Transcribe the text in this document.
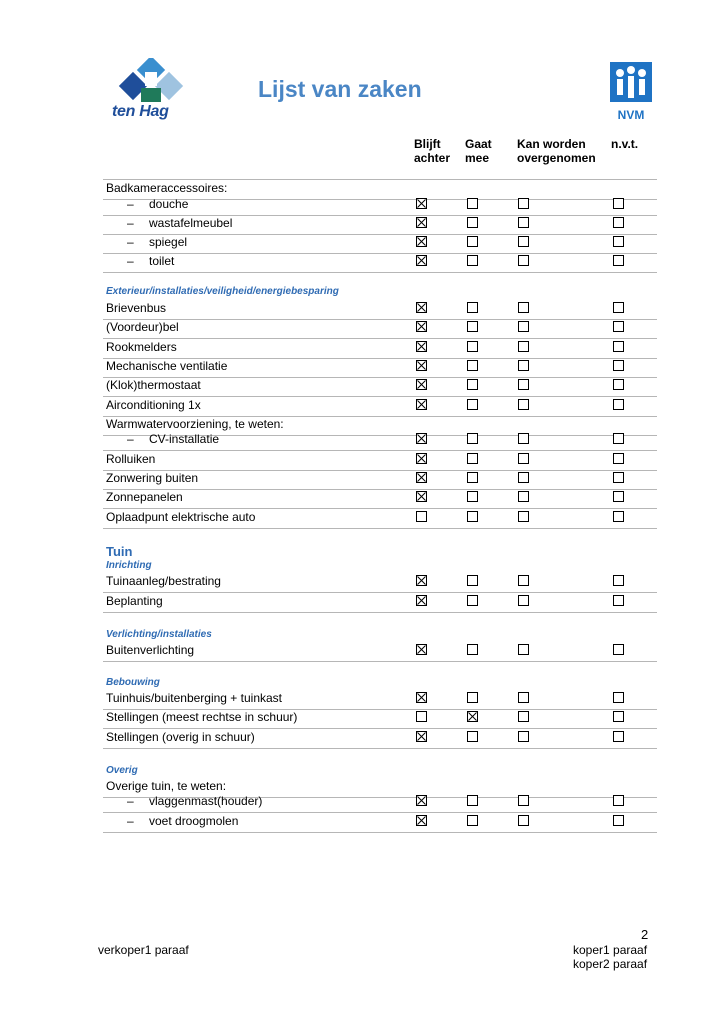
ten Hag
Lijst van zaken
NVM
Blijft
achter
Gaat
mee
Kan worden
overgenomen
n.v.t.
Exterieur/installaties/veiligheid/energiebesparing
Tuin
Inrichting
Verlichting/installaties
Bebouwing
Overig
Badkameraccessoires:
– douche
– wastafelmeubel
– spiegel
– toilet
Brievenbus
(Voordeur)bel
Rookmelders
Mechanische ventilatie
(Klok)thermostaat
Airconditioning 1x
Warmwatervoorziening, te weten:
– CV-installatie
Rolluiken
Zonwering buiten
Zonnepanelen
Oplaadpunt elektrische auto
Tuinaanleg/bestrating
Beplanting
Buitenverlichting
Tuinhuis/buitenberging + tuinkast
Stellingen (meest rechtse in schuur)
Stellingen (overig in schuur)
Overige tuin, te weten:
– vlaggenmast(houder)
– voet droogmolen
2
verkoper1 paraaf	koper1 paraaf
koper2 paraaf
